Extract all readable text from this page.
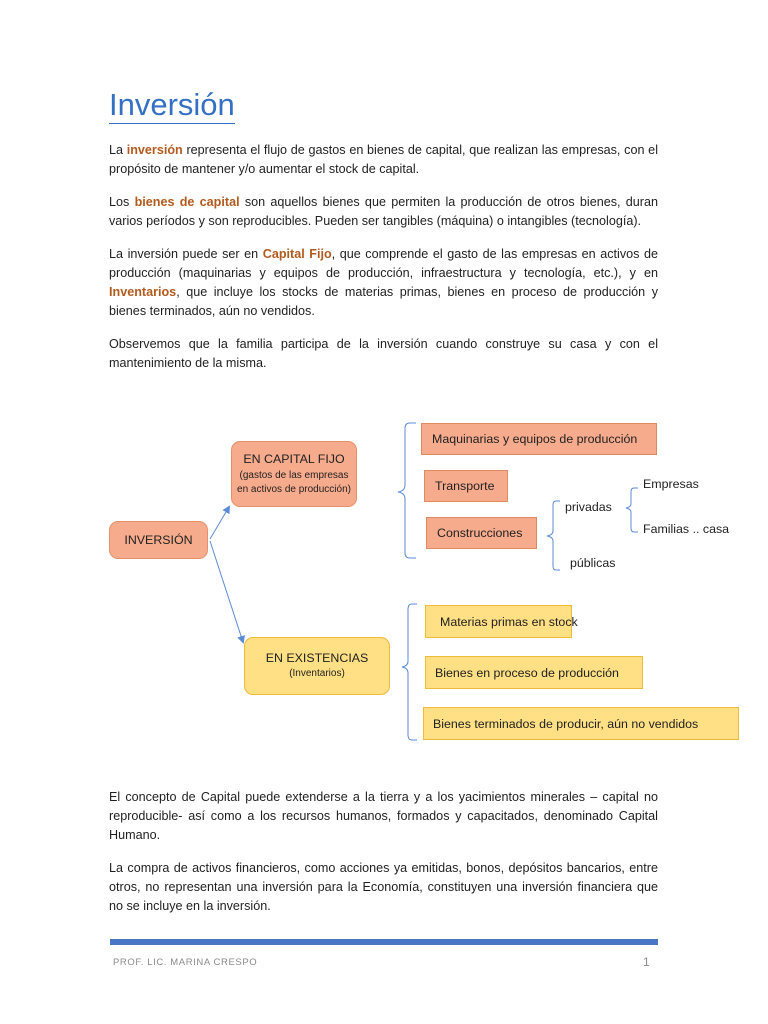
Inversión

La inversión representa el flujo de gastos en bienes de capital, que realizan las empresas, con el propósito de mantener y/o aumentar el stock de capital.

Los bienes de capital son aquellos bienes que permiten la producción de otros bienes, duran varios períodos y son reproducibles. Pueden ser tangibles (máquina) o intangibles (tecnología).

La inversión puede ser en Capital Fijo, que comprende el gasto de las empresas en activos de producción (maquinarias y equipos de producción, infraestructura y tecnología, etc.), y en Inventarios, que incluye los stocks de materias primas, bienes en proceso de producción y bienes terminados, aún no vendidos.

Observemos que la familia participa de la inversión cuando construye su casa y con el mantenimiento de la misma.

INVERSIÓN
EN CAPITAL FIJO
(gastos de las empresas en activos de producción)
EN EXISTENCIAS
(Inventarios)
Maquinarias y equipos de producción
Transporte
Construcciones
privadas
públicas
Empresas
Familias .. casa
Materias primas en stock
Bienes en proceso de producción
Bienes terminados de producir, aún no vendidos

El concepto de Capital puede extenderse a la tierra y a los yacimientos minerales – capital no reproducible- así como a los recursos humanos, formados y capacitados, denominado Capital Humano.

La compra de activos financieros, como acciones ya emitidas, bonos, depósitos bancarios, entre otros, no representan una inversión para la Economía, constituyen una inversión financiera que no se incluye en la inversión.

PROF. LIC. MARINA CRESPO	1
